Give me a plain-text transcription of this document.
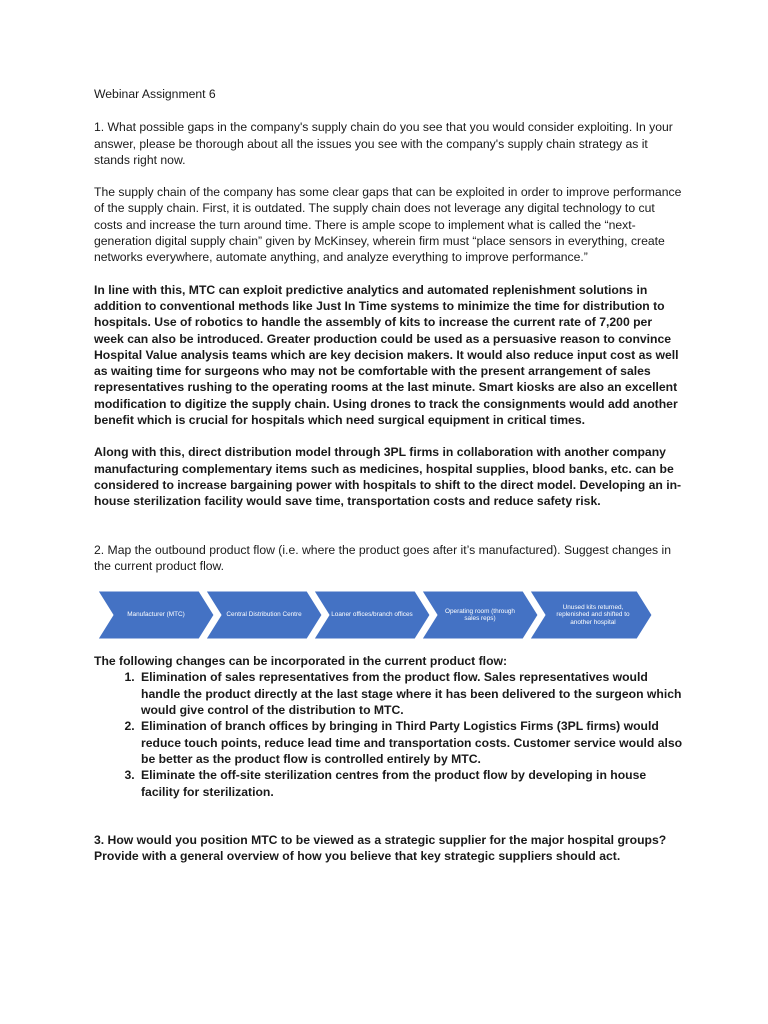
Webinar Assignment 6

1. What possible gaps in the company's supply chain do you see that you would consider exploiting. In your answer, please be thorough about all the issues you see with the company's supply chain strategy as it stands right now.

The supply chain of the company has some clear gaps that can be exploited in order to improve performance of the supply chain. First, it is outdated. The supply chain does not leverage any digital technology to cut costs and increase the turn around time. There is ample scope to implement what is called the “next-generation digital supply chain” given by McKinsey, wherein firm must “place sensors in everything, create networks everywhere, automate anything, and analyze everything to improve performance.”

In line with this, MTC can exploit predictive analytics and automated replenishment solutions in addition to conventional methods like Just In Time systems to minimize the time for distribution to hospitals. Use of robotics to handle the assembly of kits to increase the current rate of 7,200 per week can also be introduced. Greater production could be used as a persuasive reason to convince Hospital Value analysis teams which are key decision makers. It would also reduce input cost as well as waiting time for surgeons who may not be comfortable with the present arrangement of sales representatives rushing to the operating rooms at the last minute. Smart kiosks are also an excellent modification to digitize the supply chain. Using drones to track the consignments would add another benefit which is crucial for hospitals which need surgical equipment in critical times.

Along with this, direct distribution model through 3PL firms in collaboration with another company manufacturing complementary items such as medicines, hospital supplies, blood banks, etc. can be considered to increase bargaining power with hospitals to shift to the direct model. Developing an in-house sterilization facility would save time, transportation costs and reduce safety risk.

2. Map the outbound product flow (i.e. where the product goes after it’s manufactured). Suggest changes in the current product flow.

Manufacturer (MTC)	Central Distribution Centre	Loaner offices/branch offices
Operating room (through sales reps)
Unused kits returned, replenished and shifted to another hospital

The following changes can be incorporated in the current product flow:

1. Elimination of sales representatives from the product flow. Sales representatives would handle the product directly at the last stage where it has been delivered to the surgeon which would give control of the distribution to MTC.
2. Elimination of branch offices by bringing in Third Party Logistics Firms (3PL firms) would reduce touch points, reduce lead time and transportation costs. Customer service would also be better as the product flow is controlled entirely by MTC.
3. Eliminate the off-site sterilization centres from the product flow by developing in house facility for sterilization.

3. How would you position MTC to be viewed as a strategic supplier for the major hospital groups? Provide with a general overview of how you believe that key strategic suppliers should act.
